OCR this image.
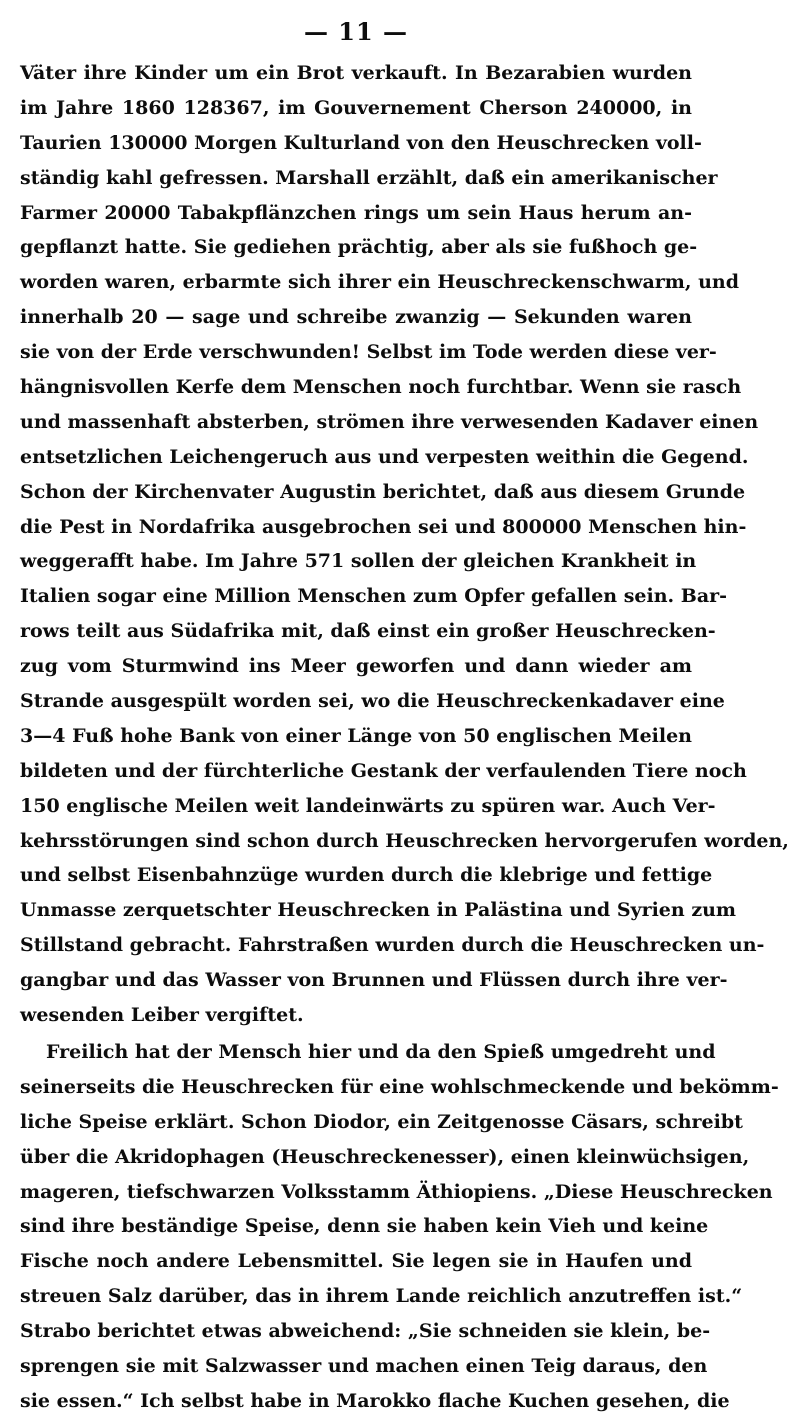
— 11 —
Väter ihre Kinder um ein Brot verkauft. In Bezarabien wurden
im Jahre 1860 128367, im Gouvernement Cherson 240000, in
Taurien 130000 Morgen Kulturland von den Heuschrecken voll-
ständig kahl gefressen. Marshall erzählt, daß ein amerikanischer
Farmer 20000 Tabakpflänzchen rings um sein Haus herum an-
gepflanzt hatte. Sie gediehen prächtig, aber als sie fußhoch ge-
worden waren, erbarmte sich ihrer ein Heuschreckenschwarm, und
innerhalb 20 — sage und schreibe zwanzig — Sekunden waren
sie von der Erde verschwunden! Selbst im Tode werden diese ver-
hängnisvollen Kerfe dem Menschen noch furchtbar. Wenn sie rasch
und massenhaft absterben, strömen ihre verwesenden Kadaver einen
entsetzlichen Leichengeruch aus und verpesten weithin die Gegend.
Schon der Kirchenvater Augustin berichtet, daß aus diesem Grunde
die Pest in Nordafrika ausgebrochen sei und 800000 Menschen hin-
weggerafft habe. Im Jahre 571 sollen der gleichen Krankheit in
Italien sogar eine Million Menschen zum Opfer gefallen sein. Bar-
rows teilt aus Südafrika mit, daß einst ein großer Heuschrecken-
zug vom Sturmwind ins Meer geworfen und dann wieder am
Strande ausgespült worden sei, wo die Heuschreckenkadaver eine
3—4 Fuß hohe Bank von einer Länge von 50 englischen Meilen
bildeten und der fürchterliche Gestank der verfaulenden Tiere noch
150 englische Meilen weit landeinwärts zu spüren war. Auch Ver-
kehrsstörungen sind schon durch Heuschrecken hervorgerufen worden,
und selbst Eisenbahnzüge wurden durch die klebrige und fettige
Unmasse zerquetschter Heuschrecken in Palästina und Syrien zum
Stillstand gebracht. Fahrstraßen wurden durch die Heuschrecken un-
gangbar und das Wasser von Brunnen und Flüssen durch ihre ver-
wesenden Leiber vergiftet.
Freilich hat der Mensch hier und da den Spieß umgedreht und
seinerseits die Heuschrecken für eine wohlschmeckende und bekömm-
liche Speise erklärt. Schon Diodor, ein Zeitgenosse Cäsars, schreibt
über die Akridophagen (Heuschreckenesser), einen kleinwüchsigen,
mageren, tiefschwarzen Volksstamm Äthiopiens. „Diese Heuschrecken
sind ihre beständige Speise, denn sie haben kein Vieh und keine
Fische noch andere Lebensmittel. Sie legen sie in Haufen und
streuen Salz darüber, das in ihrem Lande reichlich anzutreffen ist.“
Strabo berichtet etwas abweichend: „Sie schneiden sie klein, be-
sprengen sie mit Salzwasser und machen einen Teig daraus, den
sie essen.“ Ich selbst habe in Marokko flache Kuchen gesehen, die
